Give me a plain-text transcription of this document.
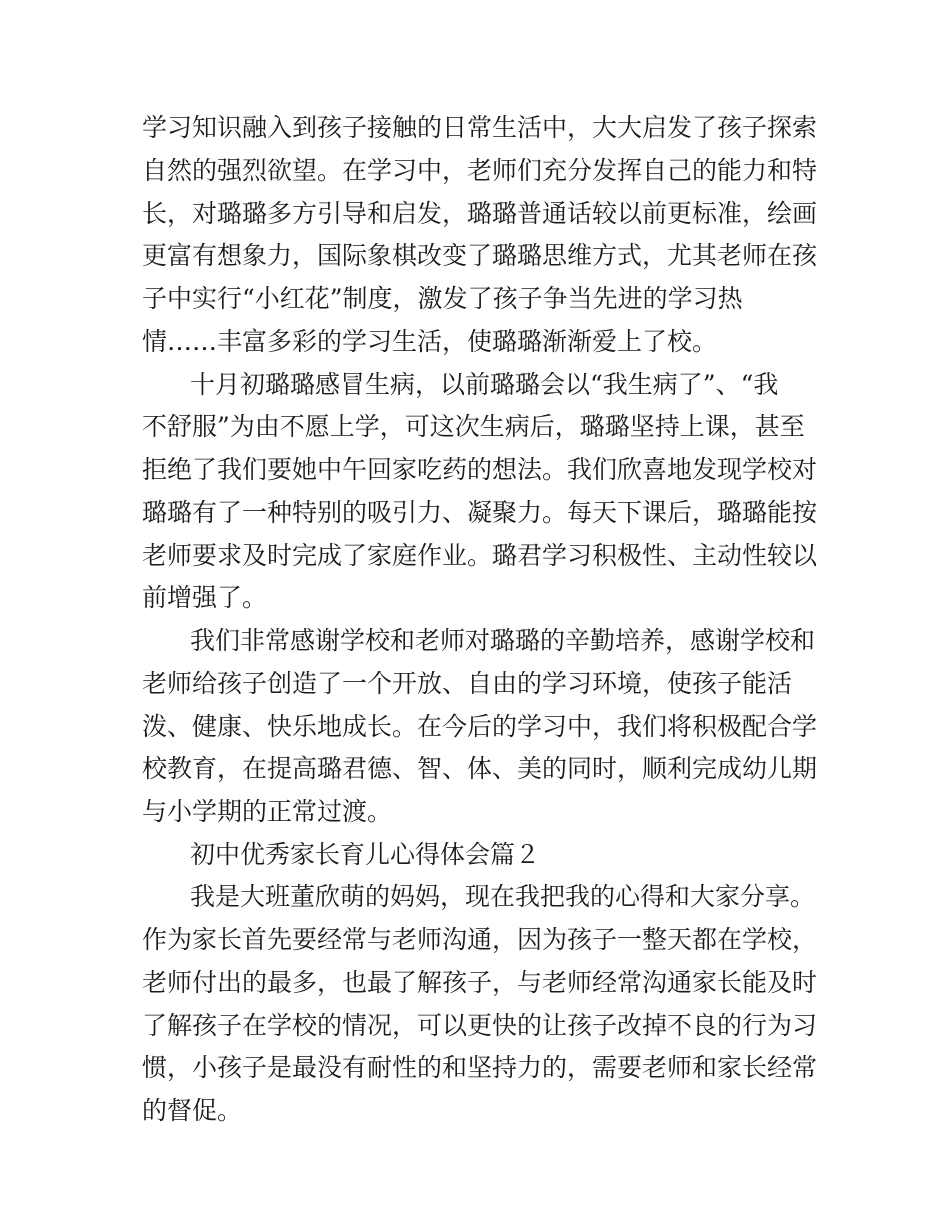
学习知识融入到孩子接触的日常生活中，大大启发了孩子探索
自然的强烈欲望。在学习中，老师们充分发挥自己的能力和特
长，对璐璐多方引导和启发，璐璐普通话较以前更标准，绘画
更富有想象力，国际象棋改变了璐璐思维方式，尤其老师在孩
子中实行“小红花”制度，激发了孩子争当先进的学习热
情……丰富多彩的学习生活，使璐璐渐渐爱上了校。
十月初璐璐感冒生病，以前璐璐会以“我生病了”、“我
不舒服”为由不愿上学，可这次生病后，璐璐坚持上课，甚至
拒绝了我们要她中午回家吃药的想法。我们欣喜地发现学校对
璐璐有了一种特别的吸引力、凝聚力。每天下课后，璐璐能按
老师要求及时完成了家庭作业。璐君学习积极性、主动性较以
前增强了。
我们非常感谢学校和老师对璐璐的辛勤培养，感谢学校和
老师给孩子创造了一个开放、自由的学习环境，使孩子能活
泼、健康、快乐地成长。在今后的学习中，我们将积极配合学
校教育，在提高璐君德、智、体、美的同时，顺利完成幼儿期
与小学期的正常过渡。
初中优秀家长育儿心得体会篇２
我是大班董欣萌的妈妈，现在我把我的心得和大家分享。
作为家长首先要经常与老师沟通，因为孩子一整天都在学校，
老师付出的最多，也最了解孩子，与老师经常沟通家长能及时
了解孩子在学校的情况，可以更快的让孩子改掉不良的行为习
惯，小孩子是最没有耐性的和坚持力的，需要老师和家长经常
的督促。
